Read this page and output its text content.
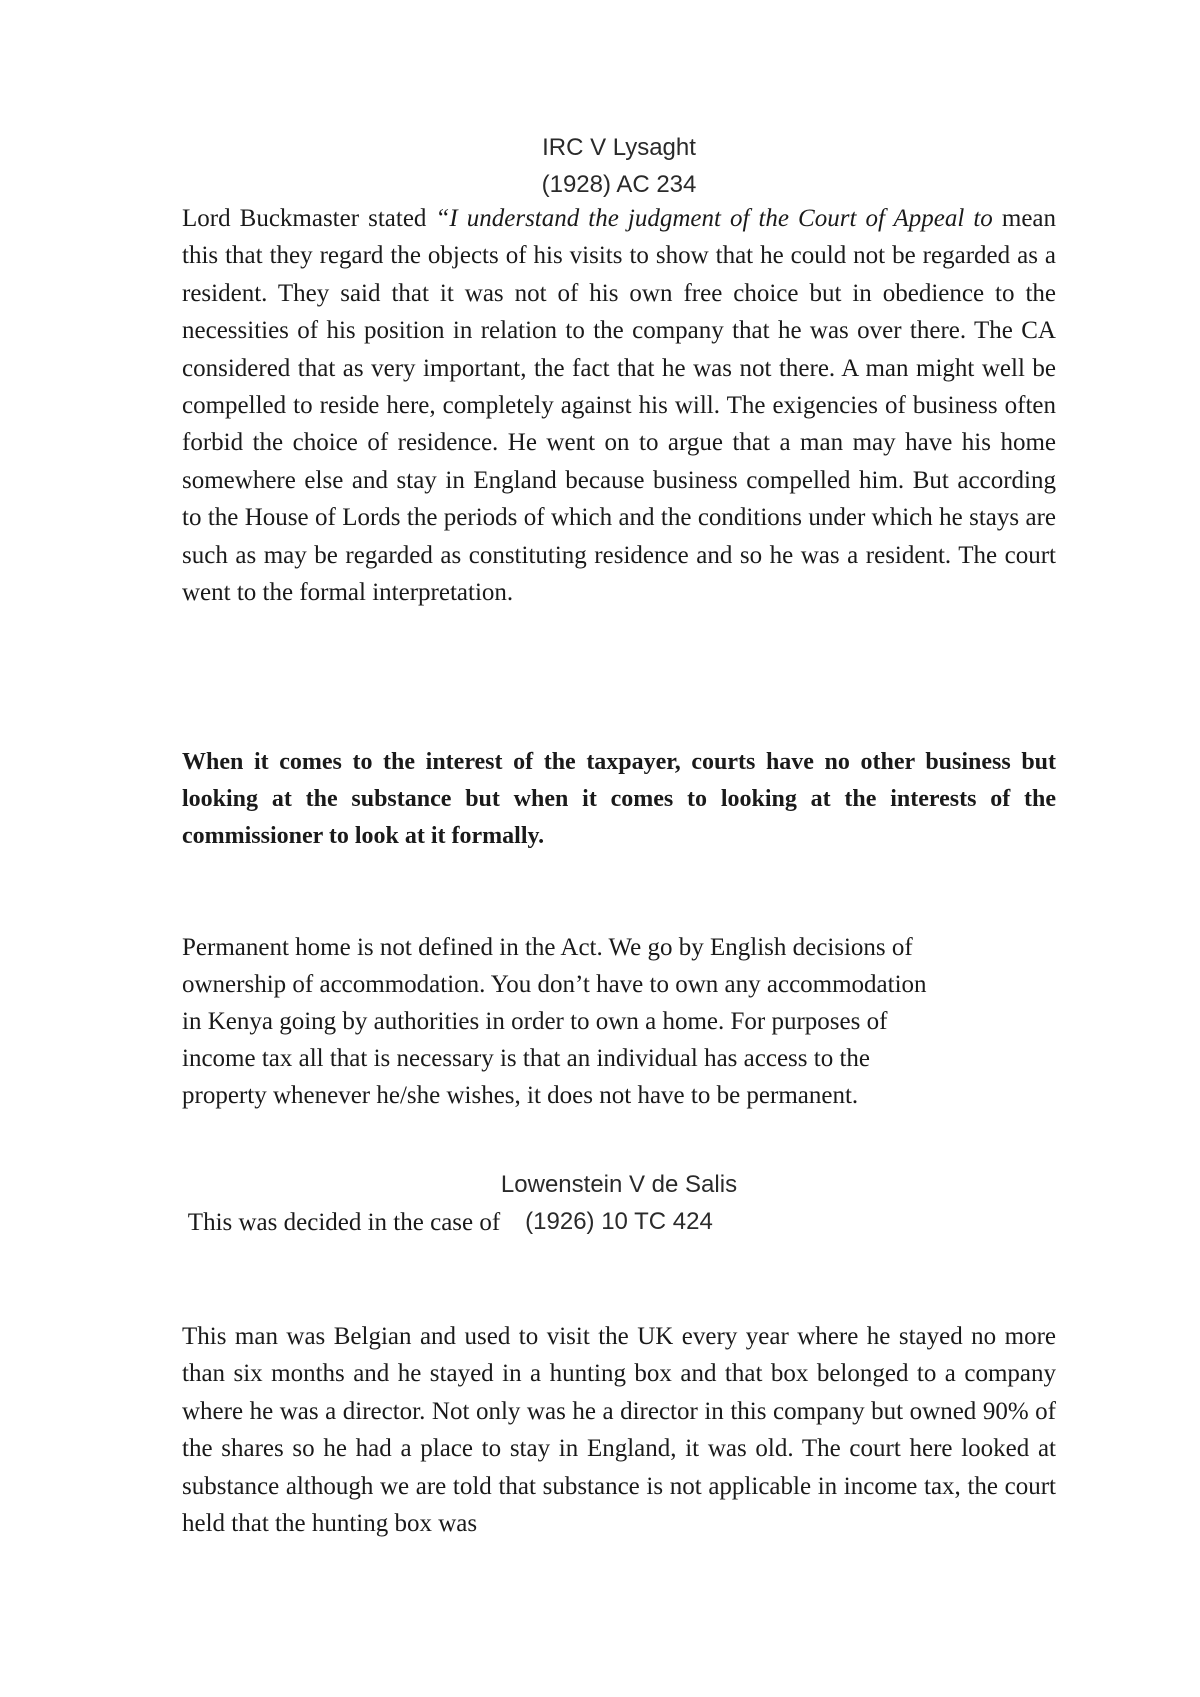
IRC V Lysaght
(1928) AC 234

Lord Buckmaster stated “I understand the judgment of the Court of Appeal to mean this that they regard the objects of his visits to show that he could not be regarded as a resident. They said that it was not of his own free choice but in obedience to the necessities of his position in relation to the company that he was over there. The CA considered that as very important, the fact that he was not there. A man might well be compelled to reside here, completely against his will. The exigencies of business often forbid the choice of residence. He went on to argue that a man may have his home somewhere else and stay in England because business compelled him. But according to the House of Lords the periods of which and the conditions under which he stays are such as may be regarded as constituting residence and so he was a resident. The court went to the formal interpretation.

When it comes to the interest of the taxpayer, courts have no other business but looking at the substance but when it comes to looking at the interests of the commissioner to look at it formally.

Permanent home is not defined in the Act. We go by English decisions of
ownership of accommodation. You don’t have to own any accommodation
in Kenya going by authorities in order to own a home. For purposes of
income tax all that is necessary is that an individual has access to the
property whenever he/she wishes, it does not have to be permanent.

This was decided in the case of

Lowenstein V de Salis
(1926) 10 TC 424

This man was Belgian and used to visit the UK every year where he stayed no more than six months and he stayed in a hunting box and that box belonged to a company where he was a director. Not only was he a director in this company but owned 90% of the shares so he had a place to stay in England, it was old. The court here looked at substance although we are told that substance is not applicable in income tax, the court held that the hunting box was
